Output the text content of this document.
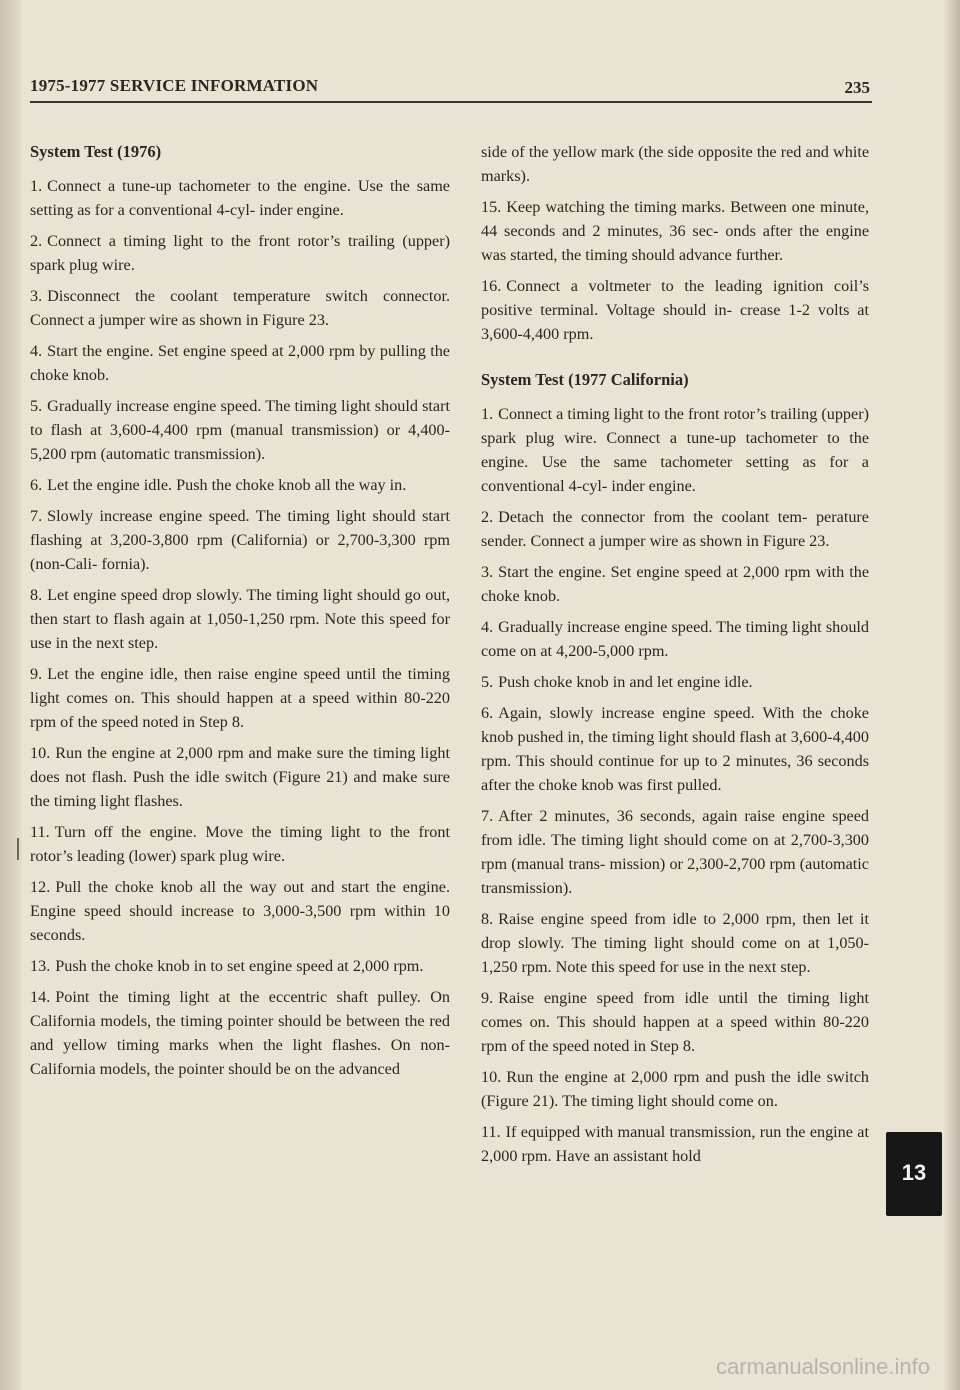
1975-1977 SERVICE INFORMATION	235
System Test (1976)

1. Connect a tune-up tachometer to the engine. Use the same setting as for a conventional 4-cyl- inder engine.

2. Connect a timing light to the front rotor’s trailing (upper) spark plug wire.

3. Disconnect the coolant temperature switch connector. Connect a jumper wire as shown in Figure 23.

4. Start the engine. Set engine speed at 2,000 rpm by pulling the choke knob.

5. Gradually increase engine speed. The timing light should start to flash at 3,600-4,400 rpm (manual transmission) or 4,400-5,200 rpm (automatic transmission).

6. Let the engine idle. Push the choke knob all the way in.

7. Slowly increase engine speed. The timing light should start flashing at 3,200-3,800 rpm (California) or 2,700-3,300 rpm (non-Cali- fornia).

8. Let engine speed drop slowly. The timing light should go out, then start to flash again at 1,050-1,250 rpm. Note this speed for use in the next step.

9. Let the engine idle, then raise engine speed until the timing light comes on. This should happen at a speed within 80-220 rpm of the speed noted in Step 8.

10. Run the engine at 2,000 rpm and make sure the timing light does not flash. Push the idle switch (Figure 21) and make sure the timing light flashes.

11. Turn off the engine. Move the timing light to the front rotor’s leading (lower) spark plug wire.

12. Pull the choke knob all the way out and start the engine. Engine speed should increase to 3,000-3,500 rpm within 10 seconds.

13. Push the choke knob in to set engine speed at 2,000 rpm.

14. Point the timing light at the eccentric shaft pulley. On California models, the timing pointer should be between the red and yellow timing marks when the light flashes. On non-California models, the pointer should be on the advanced

side of the yellow mark (the side opposite the red and white marks).

15. Keep watching the timing marks. Between one minute, 44 seconds and 2 minutes, 36 sec- onds after the engine was started, the timing should advance further.

16. Connect a voltmeter to the leading ignition coil’s positive terminal. Voltage should in- crease 1-2 volts at 3,600-4,400 rpm.

System Test (1977 California)

1. Connect a timing light to the front rotor’s trailing (upper) spark plug wire. Connect a tune-up tachometer to the engine. Use the same tachometer setting as for a conventional 4-cyl- inder engine.

2. Detach the connector from the coolant tem- perature sender. Connect a jumper wire as shown in Figure 23.

3. Start the engine. Set engine speed at 2,000 rpm with the choke knob.

4. Gradually increase engine speed. The timing light should come on at 4,200-5,000 rpm.

5. Push choke knob in and let engine idle.

6. Again, slowly increase engine speed. With the choke knob pushed in, the timing light should flash at 3,600-4,400 rpm. This should continue for up to 2 minutes, 36 seconds after the choke knob was first pulled.

7. After 2 minutes, 36 seconds, again raise engine speed from idle. The timing light should come on at 2,700-3,300 rpm (manual trans- mission) or 2,300-2,700 rpm (automatic transmission).

8. Raise engine speed from idle to 2,000 rpm, then let it drop slowly. The timing light should come on at 1,050-1,250 rpm. Note this speed for use in the next step.

9. Raise engine speed from idle until the timing light comes on. This should happen at a speed within 80-220 rpm of the speed noted in Step 8.

10. Run the engine at 2,000 rpm and push the idle switch (Figure 21). The timing light should come on.

11. If equipped with manual transmission, run the engine at 2,000 rpm. Have an assistant hold

13
carmanualsonline.info
